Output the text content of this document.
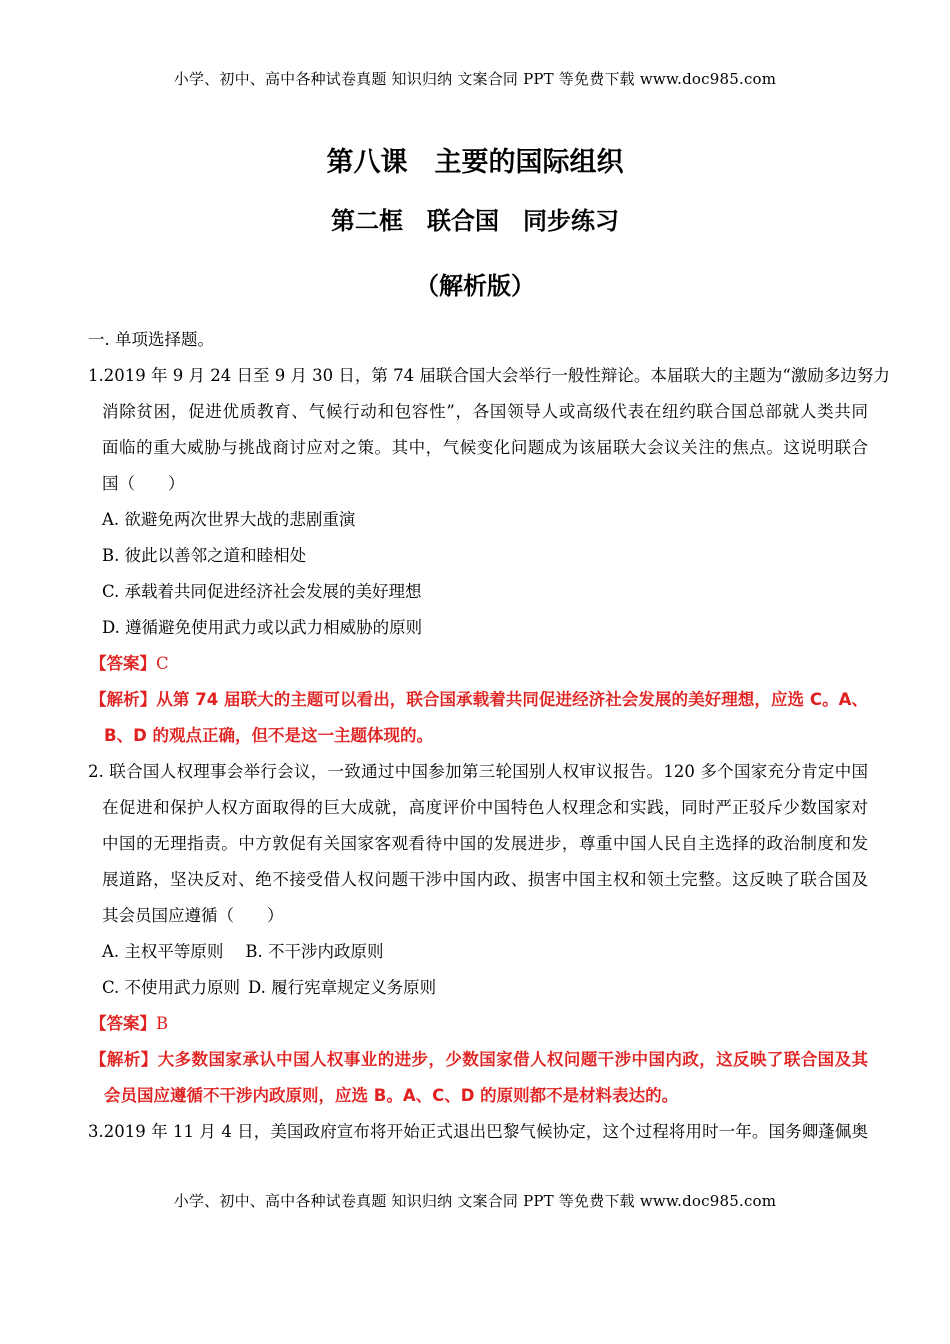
小学、初中、高中各种试卷真题 知识归纳 文案合同 PPT 等免费下载 www.doc985.com
第八课　主要的国际组织
第二框　联合国　同步练习
（解析版）
一. 单项选择题。
1.2019 年 9 月 24 日至 9 月 30 日，第 74 届联合国大会举行一般性辩论。本届联大的主题为“激励多边努力
消除贫困，促进优质教育、气候行动和包容性”，各国领导人或高级代表在纽约联合国总部就人类共同
面临的重大威胁与挑战商讨应对之策。其中，气候变化问题成为该届联大会议关注的焦点。这说明联合
国（　　）
A. 欲避免两次世界大战的悲剧重演
B. 彼此以善邻之道和睦相处
C. 承载着共同促进经济社会发展的美好理想
D. 遵循避免使用武力或以武力相威胁的原则
【答案】C
【解析】从第 74 届联大的主题可以看出，联合国承载着共同促进经济社会发展的美好理想，应选 C。A、
B、D 的观点正确，但不是这一主题体现的。
2. 联合国人权理事会举行会议，一致通过中国参加第三轮国别人权审议报告。120 多个国家充分肯定中国
在促进和保护人权方面取得的巨大成就，高度评价中国特色人权理念和实践，同时严正驳斥少数国家对
中国的无理指责。中方敦促有关国家客观看待中国的发展进步，尊重中国人民自主选择的政治制度和发
展道路，坚决反对、绝不接受借人权问题干涉中国内政、损害中国主权和领土完整。这反映了联合国及
其会员国应遵循（　　）
A. 主权平等原则 B. 不干涉内政原则
C. 不使用武力原则 D. 履行宪章规定义务原则
【答案】B
【解析】大多数国家承认中国人权事业的进步，少数国家借人权问题干涉中国内政，这反映了联合国及其
会员国应遵循不干涉内政原则，应选 B。A、C、D 的原则都不是材料表达的。
3.2019 年 11 月 4 日，美国政府宣布将开始正式退出巴黎气候协定，这个过程将用时一年。国务卿蓬佩奥
小学、初中、高中各种试卷真题 知识归纳 文案合同 PPT 等免费下载 www.doc985.com
